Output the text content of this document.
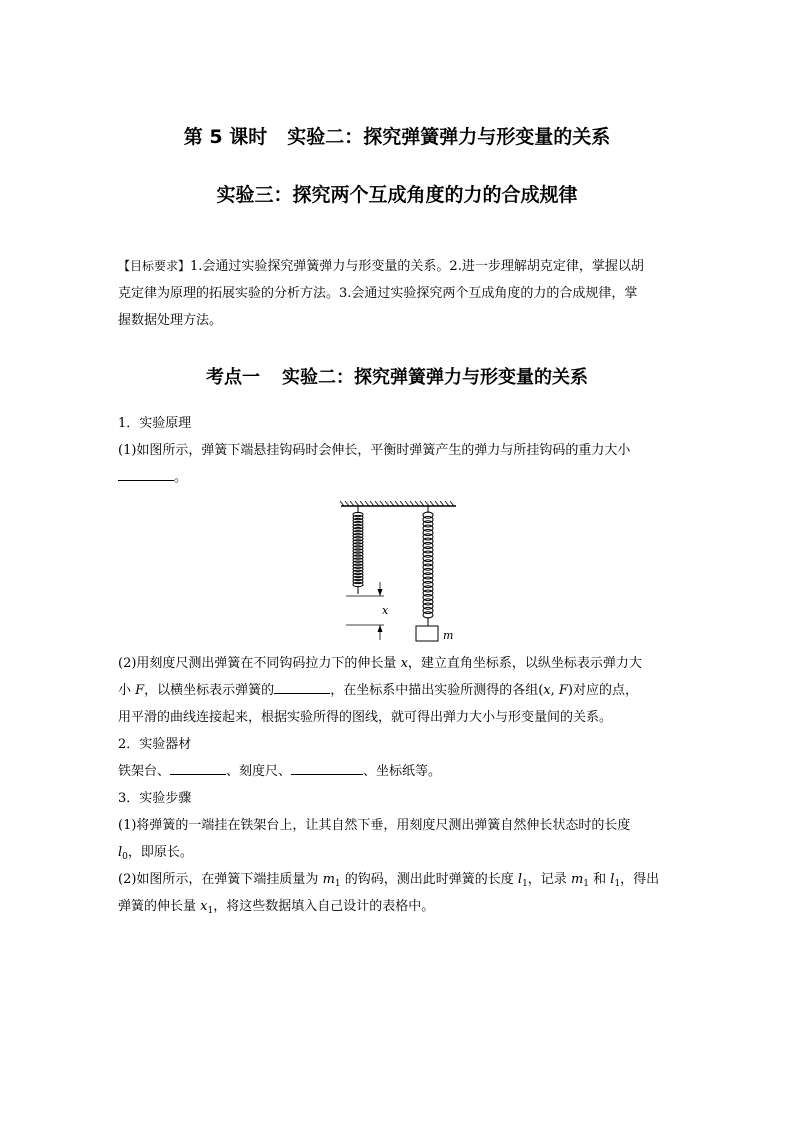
第 5 课时 实验二：探究弹簧弹力与形变量的关系
实验三：探究两个互成角度的力的合成规律
【目标要求】1.会通过实验探究弹簧弹力与形变量的关系。2.进一步理解胡克定律，掌握以胡
克定律为原理的拓展实验的分析方法。3.会通过实验探究两个互成角度的力的合成规律，掌
握数据处理方法。
考点一 实验二：探究弹簧弹力与形变量的关系
1．实验原理
(1)如图所示，弹簧下端悬挂钩码时会伸长，平衡时弹簧产生的弹力与所挂钩码的重力大小
。
m
x
(2)用刻度尺测出弹簧在不同钩码拉力下的伸长量 x，建立直角坐标系，以纵坐标表示弹力大
小 F，以横坐标表示弹簧的	，在坐标系中描出实验所测得的各组(x, F)对应的点，
用平滑的曲线连接起来，根据实验所得的图线，就可得出弹力大小与形变量间的关系。
2．实验器材
铁架台、	、刻度尺、	、坐标纸等。
3．实验步骤
(1)将弹簧的一端挂在铁架台上，让其自然下垂，用刻度尺测出弹簧自然伸长状态时的长度
$l_0$，即原长。
(2)如图所示，在弹簧下端挂质量为 $m_1$ 的钩码，测出此时弹簧的长度 $l_1$，记录 $m_1$ 和 $l_1$，得出
弹簧的伸长量 $x_1$，将这些数据填入自己设计的表格中。
